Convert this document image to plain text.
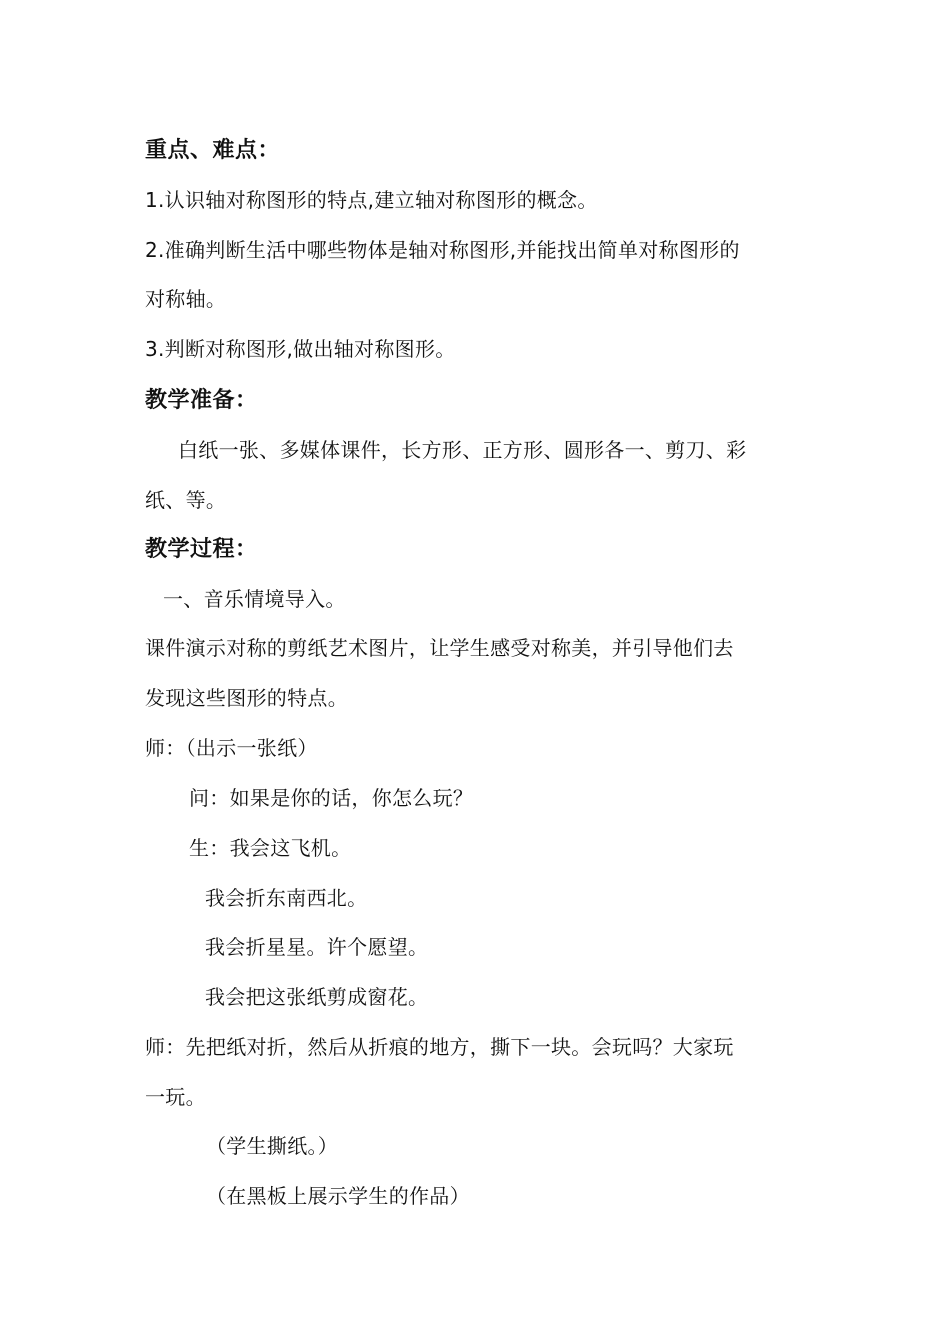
重点、难点：
1.认识轴对称图形的特点,建立轴对称图形的概念。
2.准确判断生活中哪些物体是轴对称图形,并能找出简单对称图形的
对称轴。
3.判断对称图形,做出轴对称图形。
教学准备：
白纸一张、多媒体课件，长方形、正方形、圆形各一、剪刀、彩
纸、等。
教学过程：
一、音乐情境导入。
课件演示对称的剪纸艺术图片，让学生感受对称美，并引导他们去
发现这些图形的特点。
师：（出示一张纸）
问：如果是你的话，你怎么玩？
生：我会这飞机。
我会折东南西北。
我会折星星。许个愿望。
我会把这张纸剪成窗花。
师：先把纸对折，然后从折痕的地方，撕下一块。会玩吗？大家玩
一玩。
（学生撕纸。）
（在黑板上展示学生的作品）
